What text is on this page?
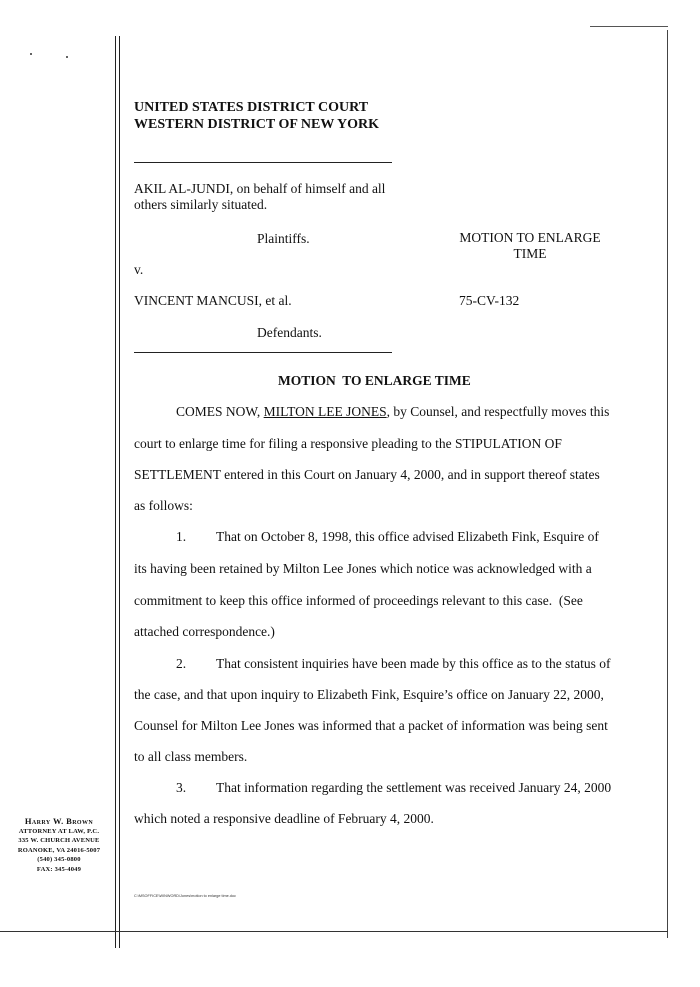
UNITED STATES DISTRICT COURT
WESTERN DISTRICT OF NEW YORK
AKIL AL-JUNDI, on behalf of himself and all
others similarly situated.
Plaintiffs.	MOTION TO ENLARGE
TIME
v.
VINCENT MANCUSI, et al.	75-CV-132
Defendants.
MOTION  TO ENLARGE TIME
COMES NOW, MILTON LEE JONES, by Counsel, and respectfully moves this
court to enlarge time for filing a responsive pleading to the STIPULATION OF
SETTLEMENT entered in this Court on January 4, 2000, and in support thereof states
as follows:
1. That on October 8, 1998, this office advised Elizabeth Fink, Esquire of
its having been retained by Milton Lee Jones which notice was acknowledged with a
commitment to keep this office informed of proceedings relevant to this case.  (See
attached correspondence.)
2. That consistent inquiries have been made by this office as to the status of
the case, and that upon inquiry to Elizabeth Fink, Esquire’s office on January 22, 2000,
Counsel for Milton Lee Jones was informed that a packet of information was being sent
to all class members.
3. That information regarding the settlement was received January 24, 2000
which noted a responsive deadline of February 4, 2000.
Harry W. Brown
ATTORNEY AT LAW, P.C.
335 W. CHURCH AVENUE
ROANOKE, VA 24016-5007
(540) 345-0800
FAX: 345-4049
C:\MSOFFICE\WINWORD\Jones\motion to enlarge time.doc
